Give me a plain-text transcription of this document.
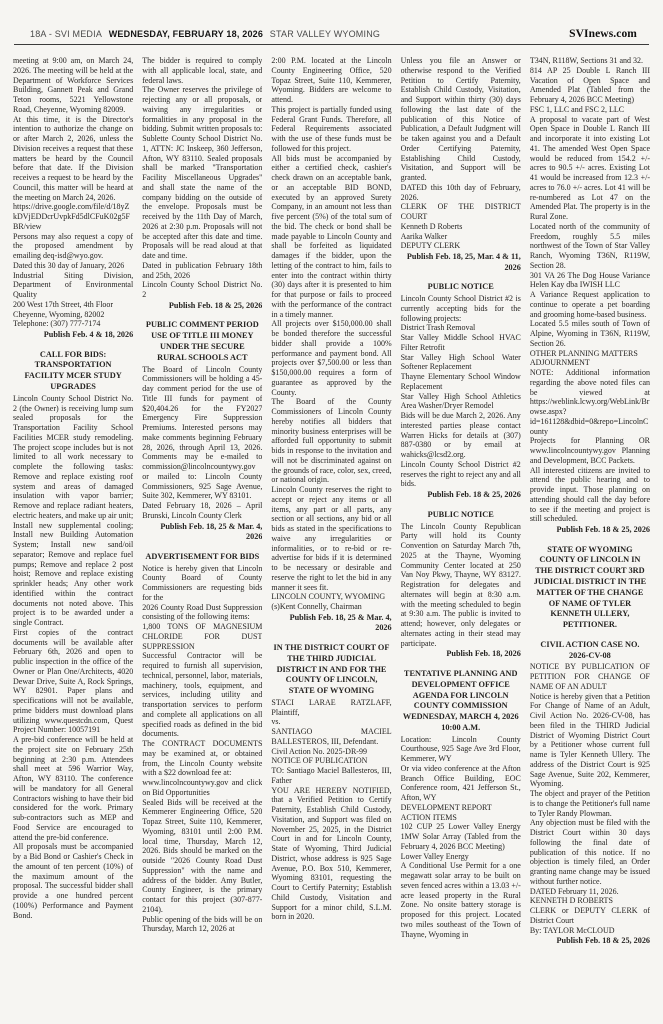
18A - SVI MEDIA WEDNESDAY, FEBRUARY 18, 2026 STAR VALLEY WYOMING	SVInews.com
meeting at 9:00 am, on March 24, 2026. The meeting will be held at the Department of Workforce Services Building, Gannett Peak and Grand Teton rooms, 5221 Yellowstone Road, Cheyenne, Wyoming 82009.
At this time, it is the Director's intention to authorize the change on or after March 2, 2026, unless the Division receives a request that these matters be heard by the Council before that date. If the Division receives a request to be heard by the Council, this matter will be heard at the meeting on March 24, 2026.
https://drive.google.com/file/d/18yZkDVjEDDcrUvpkFd5dlCFuK02g5FBR/view
Persons may also request a copy of the proposed amendment by emailing deq-isd@wyo.gov.
Dated this 30 day of January, 2026
Industrial Siting Division, Department of Environmental Quality
200 West 17th Street, 4th Floor
Cheyenne, Wyoming, 82002
Telephone: (307) 777-7174
Publish Feb. 4 & 18, 2026
CALL FOR BIDS: TRANSPORTATION FACILITY MCER STUDY UPGRADES
Lincoln County School District No. 2 (the Owner) is receiving lump sum sealed proposals for the Transportation Facility School Facilities MCER study remodeling. The project scope includes but is not limited to all work necessary to complete the following tasks: Remove and replace existing roof system and areas of damaged insulation with vapor barrier; Remove and replace radiant heaters, electric heaters, and make up air unit; Install new supplemental cooling; Install new Building Automation System; Install new sand/oil separator; Remove and replace fuel pumps; Remove and replace 2 post hoist; Remove and replace existing sprinkler heads; Any other work identified within the contract documents not noted above. This project is to be awarded under a single Contract.
First copies of the contract documents will be available after February 6th, 2026 and open to public inspection in the office of the Owner or Plan One/Architects, 4020 Dewar Drive, Suite A, Rock Springs, WY 82901. Paper plans and specifications will not be available, prime bidders must download plans utilizing www.questcdn.com, Quest Project Number: 10057191
A pre-bid conference will be held at the project site on February 25th beginning at 2:30 p.m. Attendees shall meet at 596 Warrior Way, Afton, WY 83110. The conference will be mandatory for all General Contractors wishing to have their bid considered for the work. Primary sub-contractors such as MEP and Food Service are encouraged to attend the pre-bid conference.
All proposals must be accompanied by a Bid Bond or Cashier's Check in the amount of ten percent (10%) of the maximum amount of the proposal. The successful bidder shall provide a one hundred percent (100%) Performance and Payment Bond.
The bidder is required to comply with all applicable local, state, and federal laws.
The Owner reserves the privilege of rejecting any or all proposals, or waiving any irregularities or formalities in any proposal in the bidding. Submit written proposals to: Sublette County School District No. 1, ATTN: JC Inskeep, 360 Jefferson, Afton, WY 83110. Sealed proposals shall be marked "Transportation Facility Miscellaneous Upgrades" and shall state the name of the company bidding on the outside of the envelope. Proposals must be received by the 11th Day of March, 2026 at 2:30 p.m. Proposals will not be accepted after this date and time. Proposals will be read aloud at that date and time.
Dated in publication February 18th and 25th, 2026
Lincoln County School District No. 2
Publish Feb. 18 & 25, 2026
PUBLIC COMMENT PERIOD USE OF TITLE III MONEY UNDER THE SECURE RURAL SCHOOLS ACT
The Board of Lincoln County Commissioners will be holding a 45-day comment period for the use of Title III funds for payment of $20,404.26 for the FY2027 Emergency Fire Suppression Premiums. Interested persons may make comments beginning February 28, 2026, through April 13, 2026. Comments may be e-mailed to commission@lincolncountywy.gov or mailed to: Lincoln County Commissioners, 925 Sage Avenue, Suite 302, Kemmerer, WY 83101.
Dated February 18, 2026 – April Brunski, Lincoln County Clerk
Publish Feb. 18, 25 & Mar. 4, 2026
ADVERTISEMENT FOR BIDS
Notice is hereby given that Lincoln County Board of County Commissioners are requesting bids for the
2026 County Road Dust Suppression consisting of the following items:
1,800 TONS OF MAGNESIUM CHLORIDE FOR DUST SUPPRESSION
Successful Contractor will be required to furnish all supervision, technical, personnel, labor, materials, machinery, tools, equipment, and services, including utility and transportation services to perform and complete all applications on all specified roads as defined in the bid documents.
The CONTRACT DOCUMENTS may be examined at, or obtained from, the Lincoln County website with a $22 download fee at:
www.lincolncountywy.gov and click on Bid Opportunities
Sealed Bids will be received at the Kemmerer Engineering Office, 520 Topaz Street, Suite 110, Kemmerer, Wyoming, 83101 until 2:00 P.M. local time, Thursday, March 12, 2026. Bids should be marked on the outside "2026 County Road Dust Suppression" with the name and address of the bidder. Amy Butler, County Engineer, is the primary contact for this project (307-877-2104).
Public opening of the bids will be on Thursday, March 12, 2026 at
2:00 P.M. located at the Lincoln County Engineering Office, 520 Topaz Street, Suite 110, Kemmerer, Wyoming. Bidders are welcome to attend.
This project is partially funded using Federal Grant Funds. Therefore, all Federal Requirements associated with the use of these funds must be followed for this project.
All bids must be accompanied by either a certified check, cashier's check drawn on an acceptable bank, or an acceptable BID BOND, executed by an approved Surety Company, in an amount not less than five percent (5%) of the total sum of the bid. The check or bond shall be made payable to Lincoln County and shall be forfeited as liquidated damages if the bidder, upon the letting of the contract to him, fails to enter into the contract within thirty (30) days after it is presented to him for that purpose or fails to proceed with the performance of the contract in a timely manner.
All projects over $150,000.00 shall be bonded therefore the successful bidder shall provide a 100% performance and payment bond. All projects over $7,500.00 or less than $150,000.00 requires a form of guarantee as approved by the County.
The Board of the County Commissioners of Lincoln County hereby notifies all bidders that minority business enterprises will be afforded full opportunity to submit bids in response to the invitation and will not be discriminated against on the grounds of race, color, sex, creed, or national origin.
Lincoln County reserves the right to accept or reject any items or all items, any part or all parts, any section or all sections, any bid or all bids as stated in the specifications to waive any irregularities or informalities, or to re-bid or re-advertise for bids if it is determined to be necessary or desirable and reserve the right to let the bid in any manner it sees fit.
LINCOLN COUNTY, WYOMING
(s)Kent Connelly, Chairman
Publish Feb. 18, 25 & Mar. 4, 2026
IN THE DISTRICT COURT OF THE THIRD JUDICIAL DISTRICT IN AND FOR THE COUNTY OF LINCOLN, STATE OF WYOMING
STACI LARAE RATZLAFF, Plaintiff,
vs.
SANTIAGO MACIEL BALLESTEROS, III, Defendant.
Civil Action No. 2025-DR-99
NOTICE OF PUBLICATION
TO: Santiago Maciel Ballesteros, III, Father
YOU ARE HEREBY NOTIFIED, that a Verified Petition to Certify Paternity, Establish Child Custody, Visitation, and Support was filed on November 25, 2025, in the District Court in and for Lincoln County, State of Wyoming, Third Judicial District, whose address is 925 Sage Avenue, P.O. Box 510, Kemmerer, Wyoming 83101, requesting the Court to Certify Paternity; Establish Child Custody, Visitation and Support for a minor child, S.L.M. born in 2020.
Unless you file an Answer or otherwise respond to the Verified Petition to Certify Paternity, Establish Child Custody, Visitation, and Support within thirty (30) days following the last date of the publication of this Notice of Publication, a Default Judgment will be taken against you and a Default Order Certifying Paternity, Establishing Child Custody, Visitation, and Support will be granted.
DATED this 10th day of February, 2026.
CLERK OF THE DISTRICT COURT
Kenneth D Roberts
Aarika Walker
DEPUTY CLERK
Publish Feb. 18, 25, Mar. 4 & 11, 2026
PUBLIC NOTICE
Lincoln County School District #2 is currently accepting bids for the following projects:
District Trash Removal
Star Valley Middle School HVAC Filter Retrofit
Star Valley High School Water Softener Replacement
Thayne Elementary School Window Replacement
Star Valley High School Athletics Area Washer/Dryer Remodel
Bids will be due March 2, 2026. Any interested parties please contact Warren Hicks for details at (307) 887-0380 or by email at wahicks@lcsd2.org.
Lincoln County School District #2 reserves the right to reject any and all bids.
Publish Feb. 18 & 25, 2026
PUBLIC NOTICE
The Lincoln County Republican Party will hold its County Convention on Saturday March 7th, 2025 at the Thayne, Wyoming Community Center located at 250 Van Noy Pkwy, Thayne, WY 83127. Registration for delegates and alternates will begin at 8:30 a.m. with the meeting scheduled to begin at 9:30 a.m. The public is invited to attend; however, only delegates or alternates acting in their stead may participate.
Publish Feb. 18, 2026
TENTATIVE PLANNING AND DEVELOPMENT OFFICE AGENDA FOR LINCOLN COUNTY COMMISSION WEDNESDAY, MARCH 4, 2026 10:00 A.M.
Location: Lincoln County Courthouse, 925 Sage Ave 3rd Floor, Kemmerer, WY
Or via video conference at the Afton Branch Office Building, EOC Conference room, 421 Jefferson St., Afton, WY
DEVELOPMENT REPORT
ACTION ITEMS
102 CUP 25 Lower Valley Energy 1MW Solar Array (Tabled from the February 4, 2026 BCC Meeting)
Lower Valley Energy
A Conditional Use Permit for a one megawatt solar array to be built on seven fenced acres within a 13.03 +/- acre leased property in the Rural Zone. No onsite battery storage is proposed for this project. Located two miles southeast of the Town of Thayne, Wyoming in
T34N, R118W, Sections 31 and 32.
814 AP 25 Double L Ranch III Vacation of Open Space and Amended Plat (Tabled from the February 4, 2026 BCC Meeting)
FSC 1, LLC and FSC 2, LLC
A proposal to vacate part of West Open Space in Double L Ranch III and incorporate it into existing Lot 41. The amended West Open Space would be reduced from 154.2 +/- acres to 90.5 +/- acres. Existing Lot 41 would be increased from 12.3 +/- acres to 76.0 +/- acres. Lot 41 will be re-numbered as Lot 47 on the Amended Plat. The property is in the Rural Zone.
Located north of the community of Freedom, roughly 5.5 miles northwest of the Town of Star Valley Ranch, Wyoming T36N, R119W, Section 28.
301 VA 26 The Dog House Variance Helen Kay dba IWISH LLC
A Variance Request application to continue to operate a pet boarding and grooming home-based business.
Located 5.5 miles south of Town of Alpine, Wyoming in T36N, R119W, Section 26.
OTHER PLANNING MATTERS
ADJOURNMENT
NOTE: Additional information regarding the above noted files can be viewed at https://weblink.lcwy.org/WebLink/Browse.aspx?id=161128&dbid=0&repo=LincolnCounty
Projects for Planning OR www.lincolncountywy.gov Planning and Development, BCC Packets.
All interested citizens are invited to attend the public hearing and to provide input. Those planning on attending should call the day before to see if the meeting and project is still scheduled.
Publish Feb. 18 & 25, 2026
STATE OF WYOMING COUNTY OF LINCOLN IN THE DISTRICT COURT 3RD JUDICIAL DISTRICT IN THE MATTER OF THE CHANGE OF NAME OF TYLER KENNETH ULLERY, PETITIONER.
CIVIL ACTION CASE NO. 2026-CV-08
NOTICE BY PUBLICATION OF PETITION FOR CHANGE OF NAME OF AN ADULT
Notice is hereby given that a Petition For Change of Name of an Adult, Civil Action No. 2026-CV-08, has been filed in the THIRD Judicial District of Wyoming District Court by a Petitioner whose current full name is Tyler Kenneth Ullery. The address of the District Court is 925 Sage Avenue, Suite 202, Kemmerer, Wyoming.
The object and prayer of the Petition is to change the Petitioner's full name to Tyler Randy Plowman.
Any objection must be filed with the District Court within 30 days following the final date of publication of this notice. If no objection is timely filed, an Order granting name change may be issued without further notice.
DATED February 11, 2026.
KENNETH D ROBERTS
CLERK or DEPUTY CLERK of District Court
By: TAYLOR McCLOUD
Publish Feb. 18 & 25, 2026
